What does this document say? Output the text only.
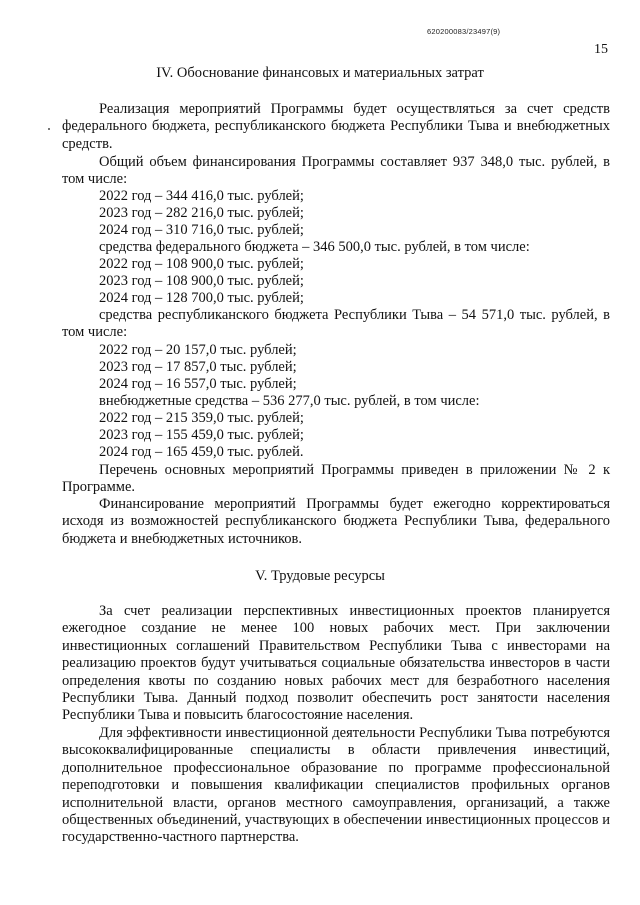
620200083/23497(9)
15
IV. Обоснование финансовых и материальных затрат

Реализация мероприятий Программы будет осуществляться за счет средств федерального бюджета, республиканского бюджета Республики Тыва и внебюджетных средств.

Общий объем финансирования Программы составляет 937 348,0 тыс. рублей, в том числе:

2022 год – 344 416,0 тыс. рублей;
2023 год – 282 216,0 тыс. рублей;
2024 год – 310 716,0 тыс. рублей;
средства федерального бюджета – 346 500,0 тыс. рублей, в том числе:
2022 год – 108 900,0 тыс. рублей;
2023 год – 108 900,0 тыс. рублей;
2024 год – 128 700,0 тыс. рублей;

средства республиканского бюджета Республики Тыва – 54 571,0 тыс. рублей, в том числе:

2022 год – 20 157,0 тыс. рублей;
2023 год – 17 857,0 тыс. рублей;
2024 год – 16 557,0 тыс. рублей;
внебюджетные средства – 536 277,0 тыс. рублей, в том числе:
2022 год – 215 359,0 тыс. рублей;
2023 год – 155 459,0 тыс. рублей;
2024 год – 165 459,0 тыс. рублей.

Перечень основных мероприятий Программы приведен в приложении № 2 к Программе.

Финансирование мероприятий Программы будет ежегодно корректироваться исходя из возможностей республиканского бюджета Республики Тыва, федерального бюджета и внебюджетных источников.

V. Трудовые ресурсы

За счет реализации перспективных инвестиционных проектов планируется ежегодное создание не менее 100 новых рабочих мест. При заключении инвестиционных соглашений Правительством Республики Тыва с инвесторами на реализацию проектов будут учитываться социальные обязательства инвесторов в части определения квоты по созданию новых рабочих мест для безработного населения Республики Тыва. Данный подход позволит обеспечить рост занятости населения Республики Тыва и повысить благосостояние населения.

Для эффективности инвестиционной деятельности Республики Тыва потребуются высококвалифицированные специалисты в области привлечения инвестиций, дополнительное профессиональное образование по программе профессиональной переподготовки и повышения квалификации специалистов профильных органов исполнительной власти, органов местного самоуправления, организаций, а также общественных объединений, участвующих в обеспечении инвестиционных процессов и государственно-частного партнерства.
